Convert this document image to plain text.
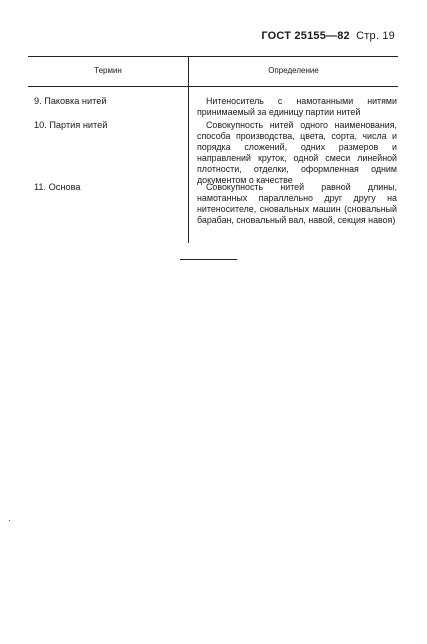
ГОСТ 25155—82 Стр. 19
Термин	Определение
9. Паковка нитей	Нитеноситель с намотанными нитями принимаемый за единицу партии нитей
10. Партия нитей	Совокупность нитей одного наименования, способа производства, цвета, сорта, числа и порядка сложений, одних размеров и направлений круток, одной смеси линейной плотности, отделки, оформленная одним документом о качестве
11. Основа	Совокупность нитей равной длины, намотанных параллельно друг другу на нитеносителе, сновальных машин (сновальный барабан, сновальный вал, навой, секция навоя)
